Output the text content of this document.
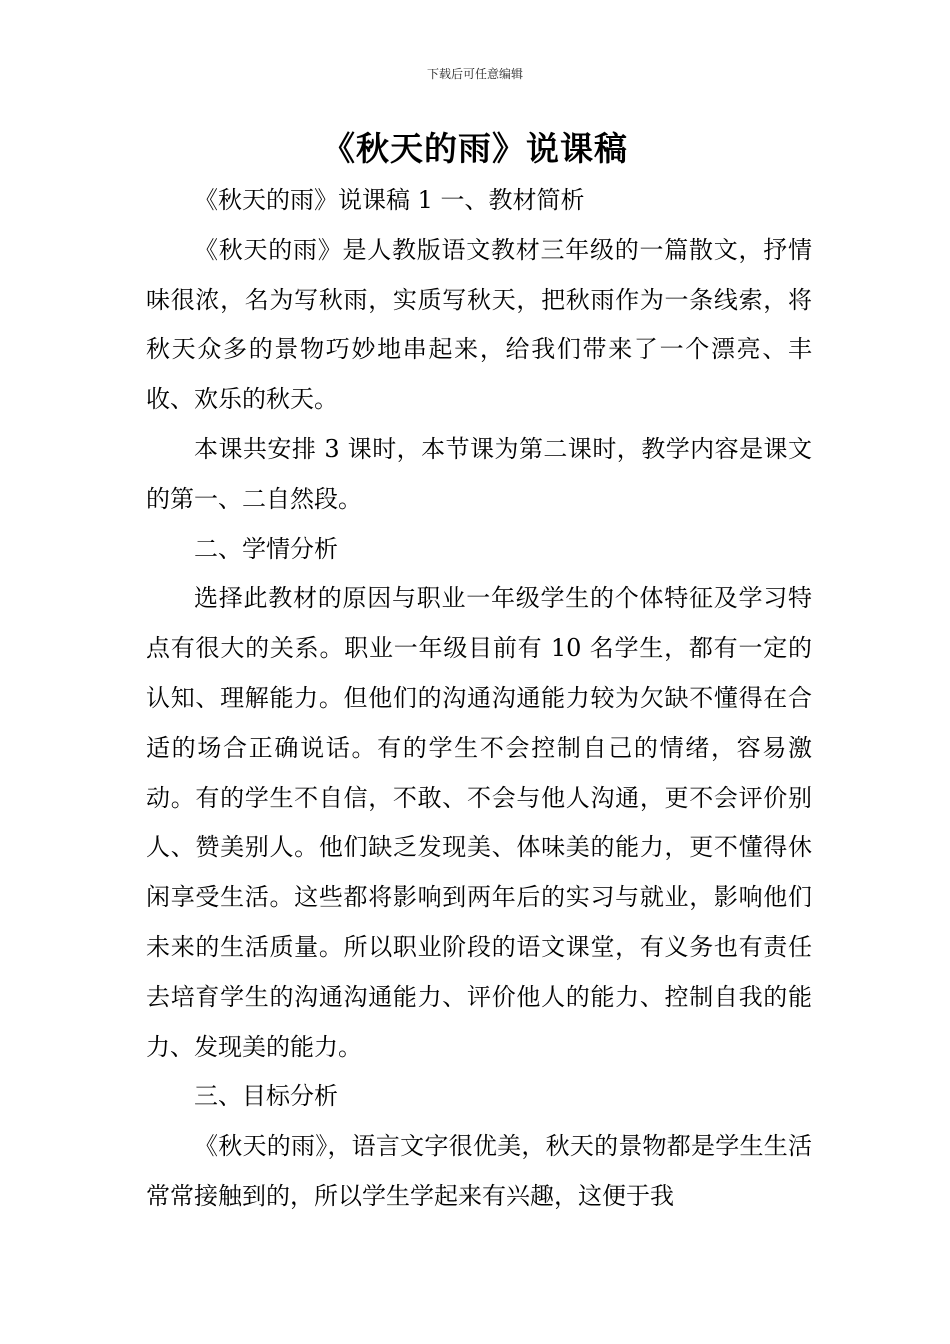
下载后可任意编辑
《秋天的雨》说课稿

《秋天的雨》说课稿 1 一、教材简析

《秋天的雨》是人教版语文教材三年级的一篇散文，抒情味很浓，名为写秋雨，实质写秋天，把秋雨作为一条线索，将秋天众多的景物巧妙地串起来，给我们带来了一个漂亮、丰收、欢乐的秋天。

本课共安排 3 课时，本节课为第二课时，教学内容是课文的第一、二自然段。

二、学情分析

选择此教材的原因与职业一年级学生的个体特征及学习特点有很大的关系。职业一年级目前有 10 名学生，都有一定的认知、理解能力。但他们的沟通沟通能力较为欠缺不懂得在合适的场合正确说话。有的学生不会控制自己的情绪，容易激动。有的学生不自信，不敢、不会与他人沟通，更不会评价别人、赞美别人。他们缺乏发现美、体味美的能力，更不懂得休闲享受生活。这些都将影响到两年后的实习与就业，影响他们未来的生活质量。所以职业阶段的语文课堂，有义务也有责任去培育学生的沟通沟通能力、评价他人的能力、控制自我的能力、发现美的能力。

三、目标分析

《秋天的雨》，语言文字很优美，秋天的景物都是学生生活常常接触到的，所以学生学起来有兴趣，这便于我
